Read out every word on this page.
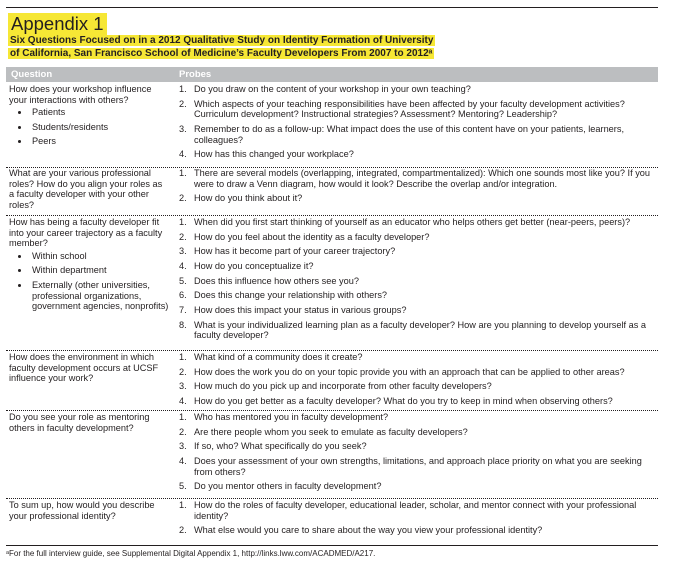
Appendix 1
Six Questions Focused on in a 2012 Qualitative Study on Identity Formation of University
of California, San Francisco School of Medicine’s Faculty Developers From 2007 to 2012ᵃ
Question	Probes
How does your workshop influence your interactions with others?
• Patients
• Students/residents
• Peers
1. Do you draw on the content of your workshop in your own teaching?
2. Which aspects of your teaching responsibilities have been affected by your faculty development activities? Curriculum development? Instructional strategies? Assessment? Mentoring? Leadership?
3. Remember to do as a follow-up: What impact does the use of this content have on your patients, learners, colleagues?
4. How has this changed your workplace?
What are your various professional roles? How do you align your roles as a faculty developer with your other roles?
1. There are several models (overlapping, integrated, compartmentalized): Which one sounds most like you? If you were to draw a Venn diagram, how would it look? Describe the overlap and/or integration.
2. How do you think about it?
How has being a faculty developer fit into your career trajectory as a faculty member?
• Within school
• Within department
• Externally (other universities, professional organizations, government agencies, nonprofits)
1. When did you first start thinking of yourself as an educator who helps others get better (near-peers, peers)?
2. How do you feel about the identity as a faculty developer?
3. How has it become part of your career trajectory?
4. How do you conceptualize it?
5. Does this influence how others see you?
6. Does this change your relationship with others?
7. How does this impact your status in various groups?
8. What is your individualized learning plan as a faculty developer? How are you planning to develop yourself as a faculty developer?
How does the environment in which faculty development occurs at UCSF influence your work?
1. What kind of a community does it create?
2. How does the work you do on your topic provide you with an approach that can be applied to other areas?
3. How much do you pick up and incorporate from other faculty developers?
4. How do you get better as a faculty developer? What do you try to keep in mind when observing others?
Do you see your role as mentoring others in faculty development?
1. Who has mentored you in faculty development?
2. Are there people whom you seek to emulate as faculty developers?
3. If so, who? What specifically do you seek?
4. Does your assessment of your own strengths, limitations, and approach place priority on what you are seeking from others?
5. Do you mentor others in faculty development?
To sum up, how would you describe your professional identity?
1. How do the roles of faculty developer, educational leader, scholar, and mentor connect with your professional identity?
2. What else would you care to share about the way you view your professional identity?
ᵃFor the full interview guide, see Supplemental Digital Appendix 1, http://links.lww.com/ACADMED/A217.
